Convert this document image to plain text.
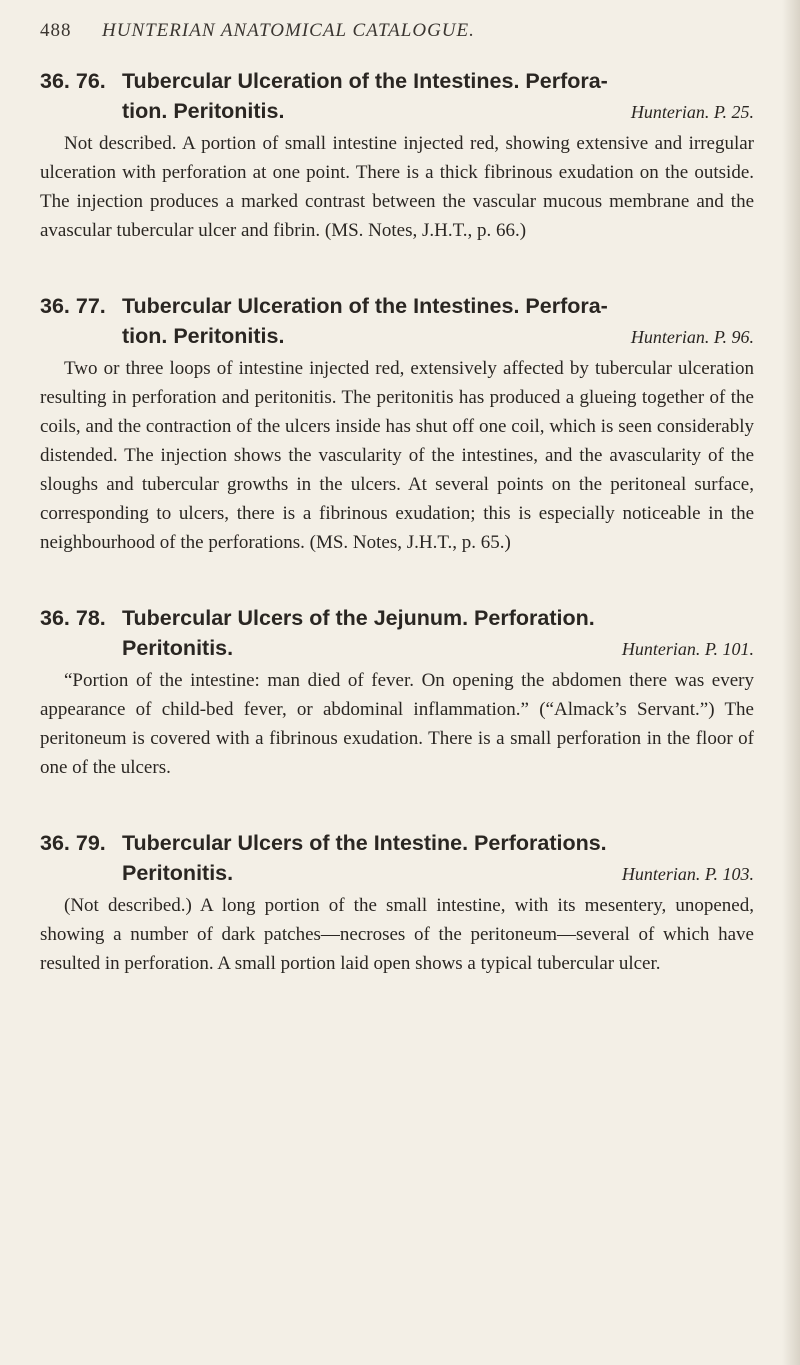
488	HUNTERIAN ANATOMICAL CATALOGUE.
36. 76. Tubercular Ulceration of the Intestines. Perfora-
tion. Peritonitis.	Hunterian. P. 25.

Not described. A portion of small intestine injected red, showing extensive and irregular ulceration with perforation at one point. There is a thick fibrinous exudation on the outside. The injection produces a marked contrast between the vascular mucous membrane and the avascular tubercular ulcer and fibrin. (MS. Notes, J.H.T., p. 66.)

36. 77. Tubercular Ulceration of the Intestines. Perfora-
tion. Peritonitis.	Hunterian. P. 96.

Two or three loops of intestine injected red, extensively affected by tubercular ulceration resulting in perforation and peritonitis. The peritonitis has produced a glueing together of the coils, and the contraction of the ulcers inside has shut off one coil, which is seen considerably distended. The injection shows the vascularity of the intestines, and the avascularity of the sloughs and tubercular growths in the ulcers. At several points on the peritoneal surface, corresponding to ulcers, there is a fibrinous exudation; this is especially noticeable in the neighbourhood of the perforations. (MS. Notes, J.H.T., p. 65.)

36. 78. Tubercular Ulcers of the Jejunum. Perforation.
Peritonitis.	Hunterian. P. 101.

“Portion of the intestine: man died of fever. On opening the abdomen there was every appearance of child-bed fever, or abdominal inflammation.” (“Almack’s Servant.”) The peritoneum is covered with a fibrinous exudation. There is a small perforation in the floor of one of the ulcers.

36. 79. Tubercular Ulcers of the Intestine. Perforations.
Peritonitis.	Hunterian. P. 103.

(Not described.) A long portion of the small intestine, with its mesentery, unopened, showing a number of dark patches—necroses of the peritoneum—several of which have resulted in perforation. A small portion laid open shows a typical tubercular ulcer.
